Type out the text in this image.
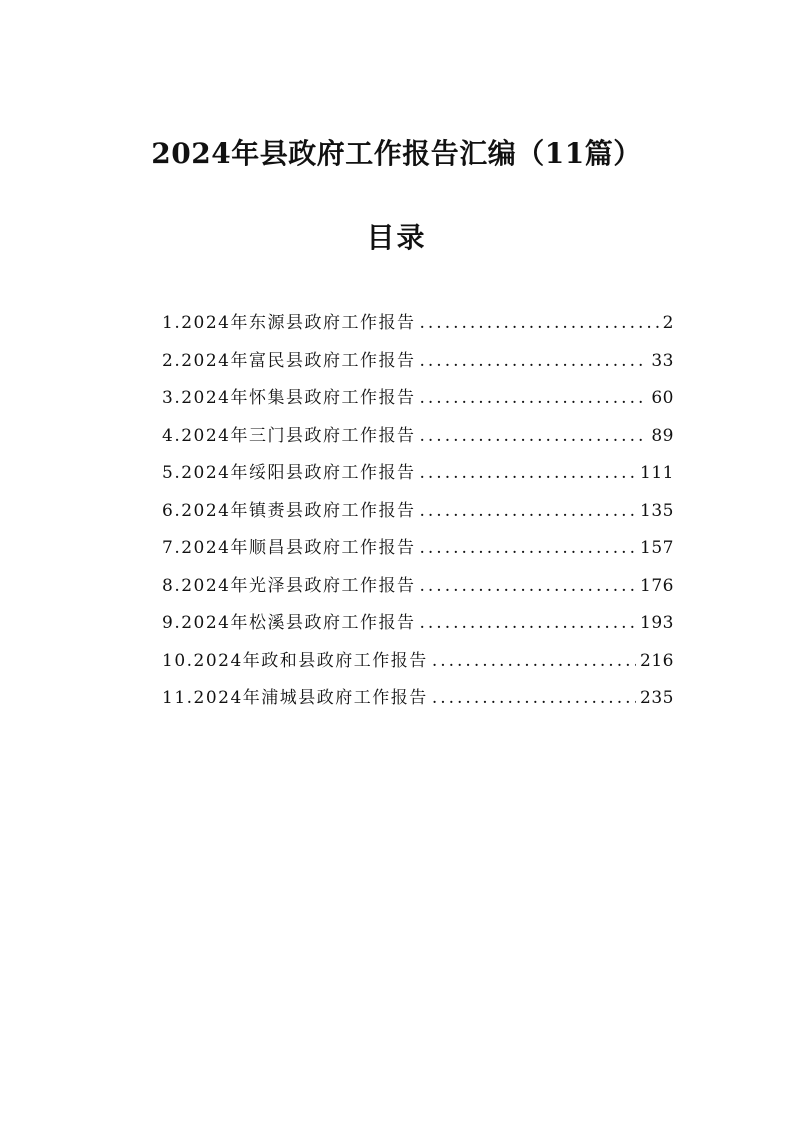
2024年县政府工作报告汇编（11篇）
目录
1.2024年东源县政府工作报告 .....	2
2.2024年富民县政府工作报告 .....	33
3.2024年怀集县政府工作报告 .....	60
4.2024年三门县政府工作报告 .....	89
5.2024年绥阳县政府工作报告 .....	111
6.2024年镇赉县政府工作报告 .....	135
7.2024年顺昌县政府工作报告 .....	157
8.2024年光泽县政府工作报告 .....	176
9.2024年松溪县政府工作报告 .....	193
10.2024年政和县政府工作报告 .....	216
11.2024年浦城县政府工作报告 .....	235
